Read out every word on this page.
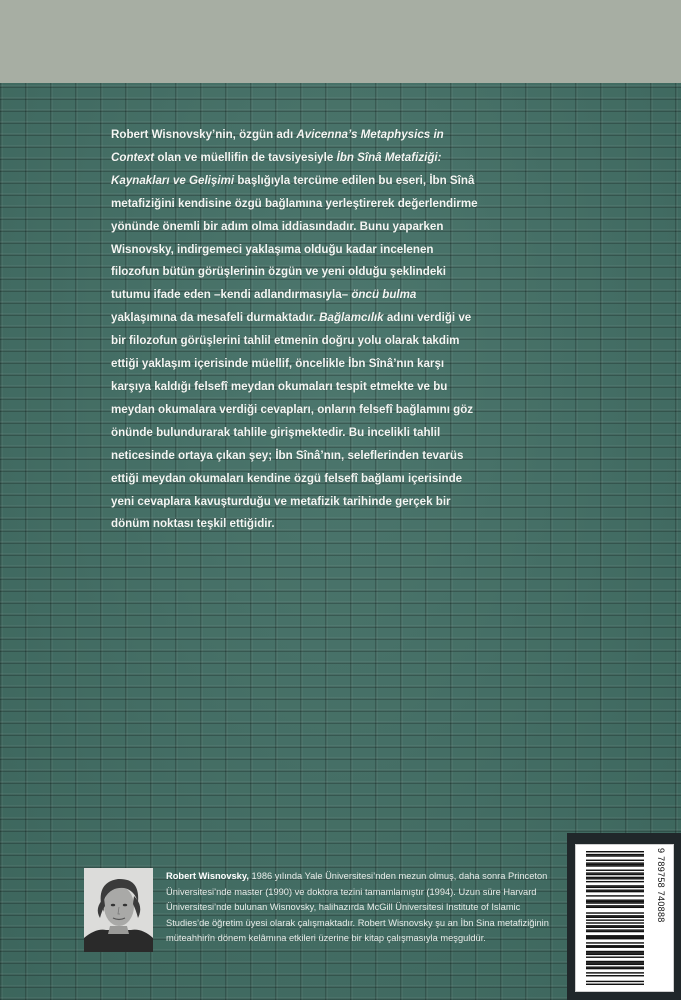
Robert Wisnovsky’nin, özgün adı Avicenna’s Metaphysics in Context olan ve müellifin de tavsiyesiyle İbn Sînâ Metafiziği: Kaynakları ve Gelişimi başlığıyla tercüme edilen bu eseri, İbn Sînâ metafiziğini kendisine özgü bağlamına yerleştirerek değerlendirme yönünde önemli bir adım olma iddiasındadır. Bunu yaparken Wisnovsky, indirgemeci yaklaşıma olduğu kadar incelenen filozofun bütün görüşlerinin özgün ve yeni olduğu şeklindeki tutumu ifade eden –kendi adlandırmasıyla– öncü bulma yaklaşımına da mesafeli durmaktadır. Bağlamcılık adını verdiği ve bir filozofun görüşlerini tahlil etmenin doğru yolu olarak takdim ettiği yaklaşım içerisinde müellif, öncelikle İbn Sînâ’nın karşı karşıya kaldığı felsefî meydan okumaları tespit etmekte ve bu meydan okumalara verdiği cevapları, onların felsefî bağlamını göz önünde bulundurarak tahlile girişmektedir. Bu incelikli tahlil neticesinde ortaya çıkan şey; İbn Sînâ’nın, seleflerinden tevarüs ettiği meydan okumaları kendine özgü felsefî bağlamı içerisinde yeni cevaplara kavuşturduğu ve metafizik tarihinde gerçek bir dönüm noktası teşkil ettiğidir.

Robert Wisnovsky, 1986 yılında Yale Üniversitesi’nden mezun olmuş, daha sonra Princeton Üniversitesi’nde master (1990) ve doktora tezini tamamlamıştır (1994). Uzun süre Harvard Üniversitesi’nde bulunan Wisnovsky, halihazırda McGill Üniversitesi Institute of Islamic Studies’de öğretim üyesi olarak çalışmaktadır. Robert Wisnovsky şu an İbn Sina metafiziğinin müteahhirîn dönem kelâmına etkileri üzerine bir kitap çalışmasıyla meşguldür.

9 789758 740888
